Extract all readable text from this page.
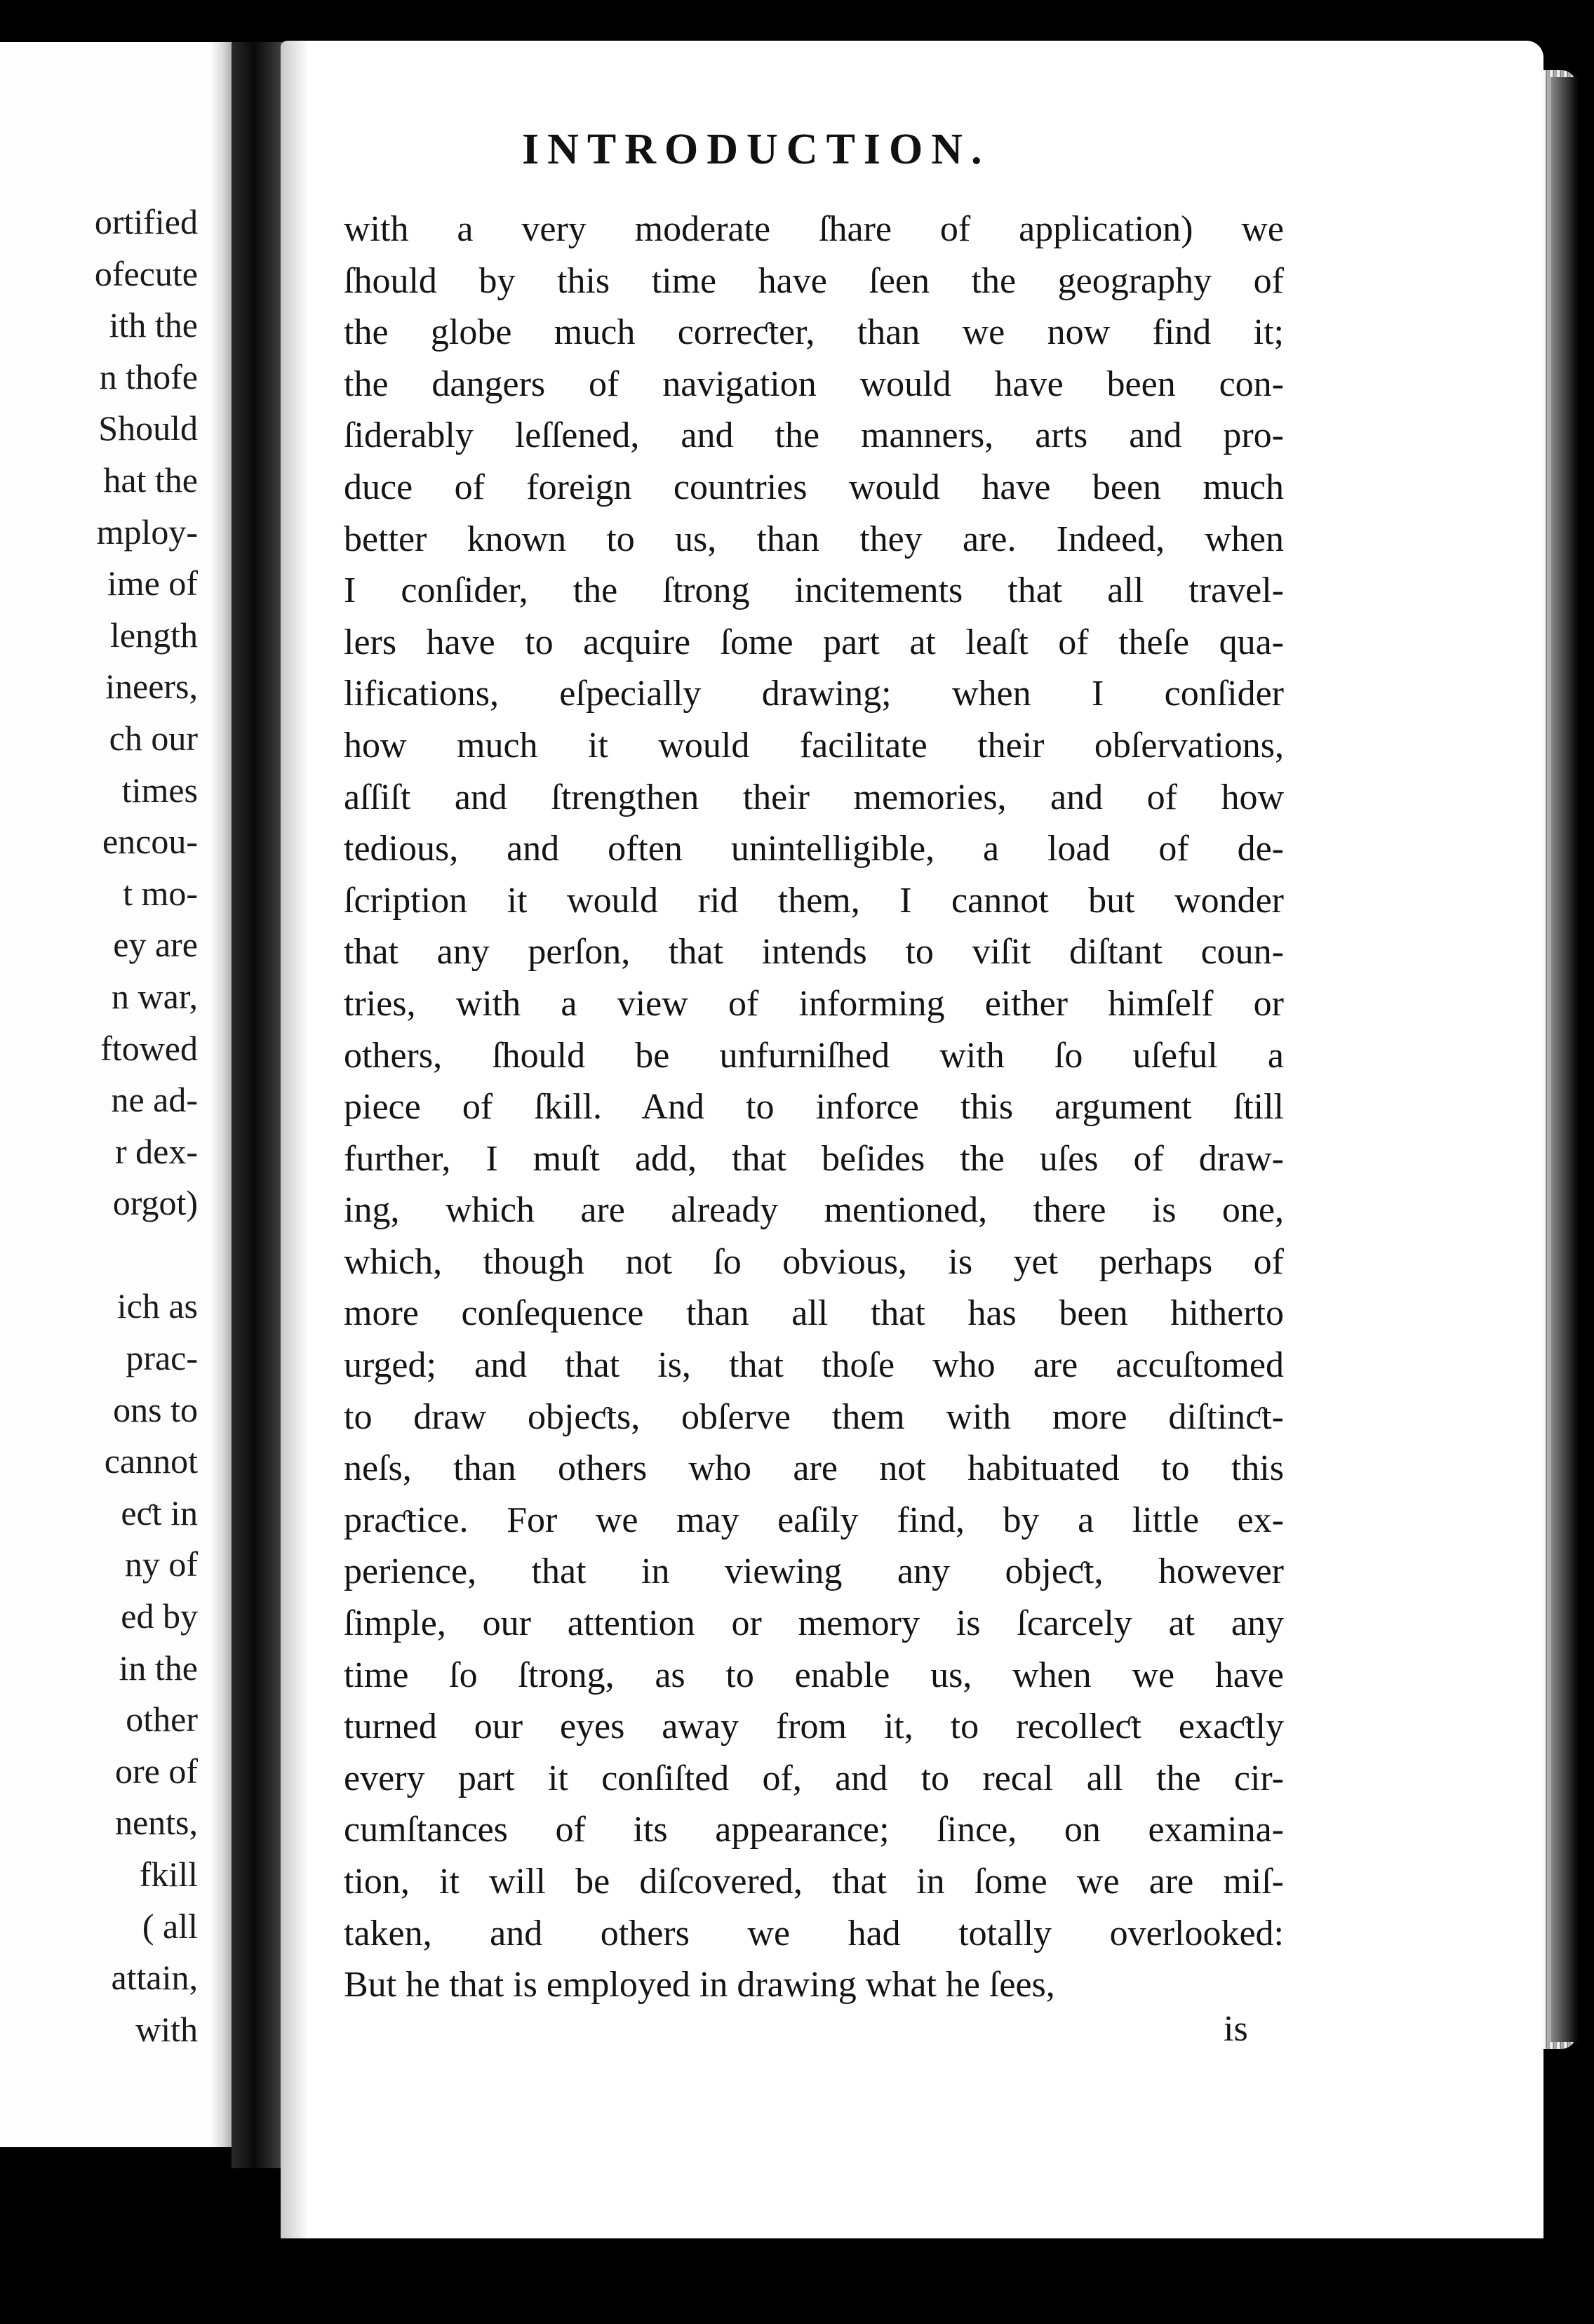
ortified
ofecute
ith the
n thofe
Should
hat the
mploy-
ime of
length
ineers,
ch our
times
encou-
t mo-
ey are
n war,
ftowed
ne ad-
r dex-
orgot)
ich as
prac-
ons to
cannot
eƈt in
ny of
ed by
in the
other
ore of
nents,
fkill
( all
attain,
with
INTRODUCTION.
with a very moderate ſhare of application) we
ſhould by this time have ſeen the geography of
the globe much correƈter, than we now find it;
the dangers of navigation would have been con-
ſiderably leſſened, and the manners, arts and pro-
duce of foreign countries would have been much
better known to us, than they are. Indeed, when
I conſider, the ſtrong incitements that all travel-
lers have to acquire ſome part at leaſt of theſe qua-
lifications, eſpecially drawing; when I conſider
how much it would facilitate their obſervations,
aſſiſt and ſtrengthen their memories, and of how
tedious, and often unintelligible, a load of de-
ſcription it would rid them, I cannot but wonder
that any perſon, that intends to viſit diſtant coun-
tries, with a view of informing either himſelf or
others, ſhould be unfurniſhed with ſo uſeful a
piece of ſkill. And to inforce this argument ſtill
further, I muſt add, that beſides the uſes of draw-
ing, which are already mentioned, there is one,
which, though not ſo obvious, is yet perhaps of
more conſequence than all that has been hitherto
urged; and that is, that thoſe who are accuſtomed
to draw objeƈts, obſerve them with more diſtinƈt-
neſs, than others who are not habituated to this
praƈtice. For we may eaſily find, by a little ex-
perience, that in viewing any objeƈt, however
ſimple, our attention or memory is ſcarcely at any
time ſo ſtrong, as to enable us, when we have
turned our eyes away from it, to recolleƈt exaƈtly
every part it conſiſted of, and to recal all the cir-
cumſtances of its appearance; ſince, on examina-
tion, it will be diſcovered, that in ſome we are miſ-
taken, and others we had totally overlooked:
But he that is employed in drawing what he ſees,
is
